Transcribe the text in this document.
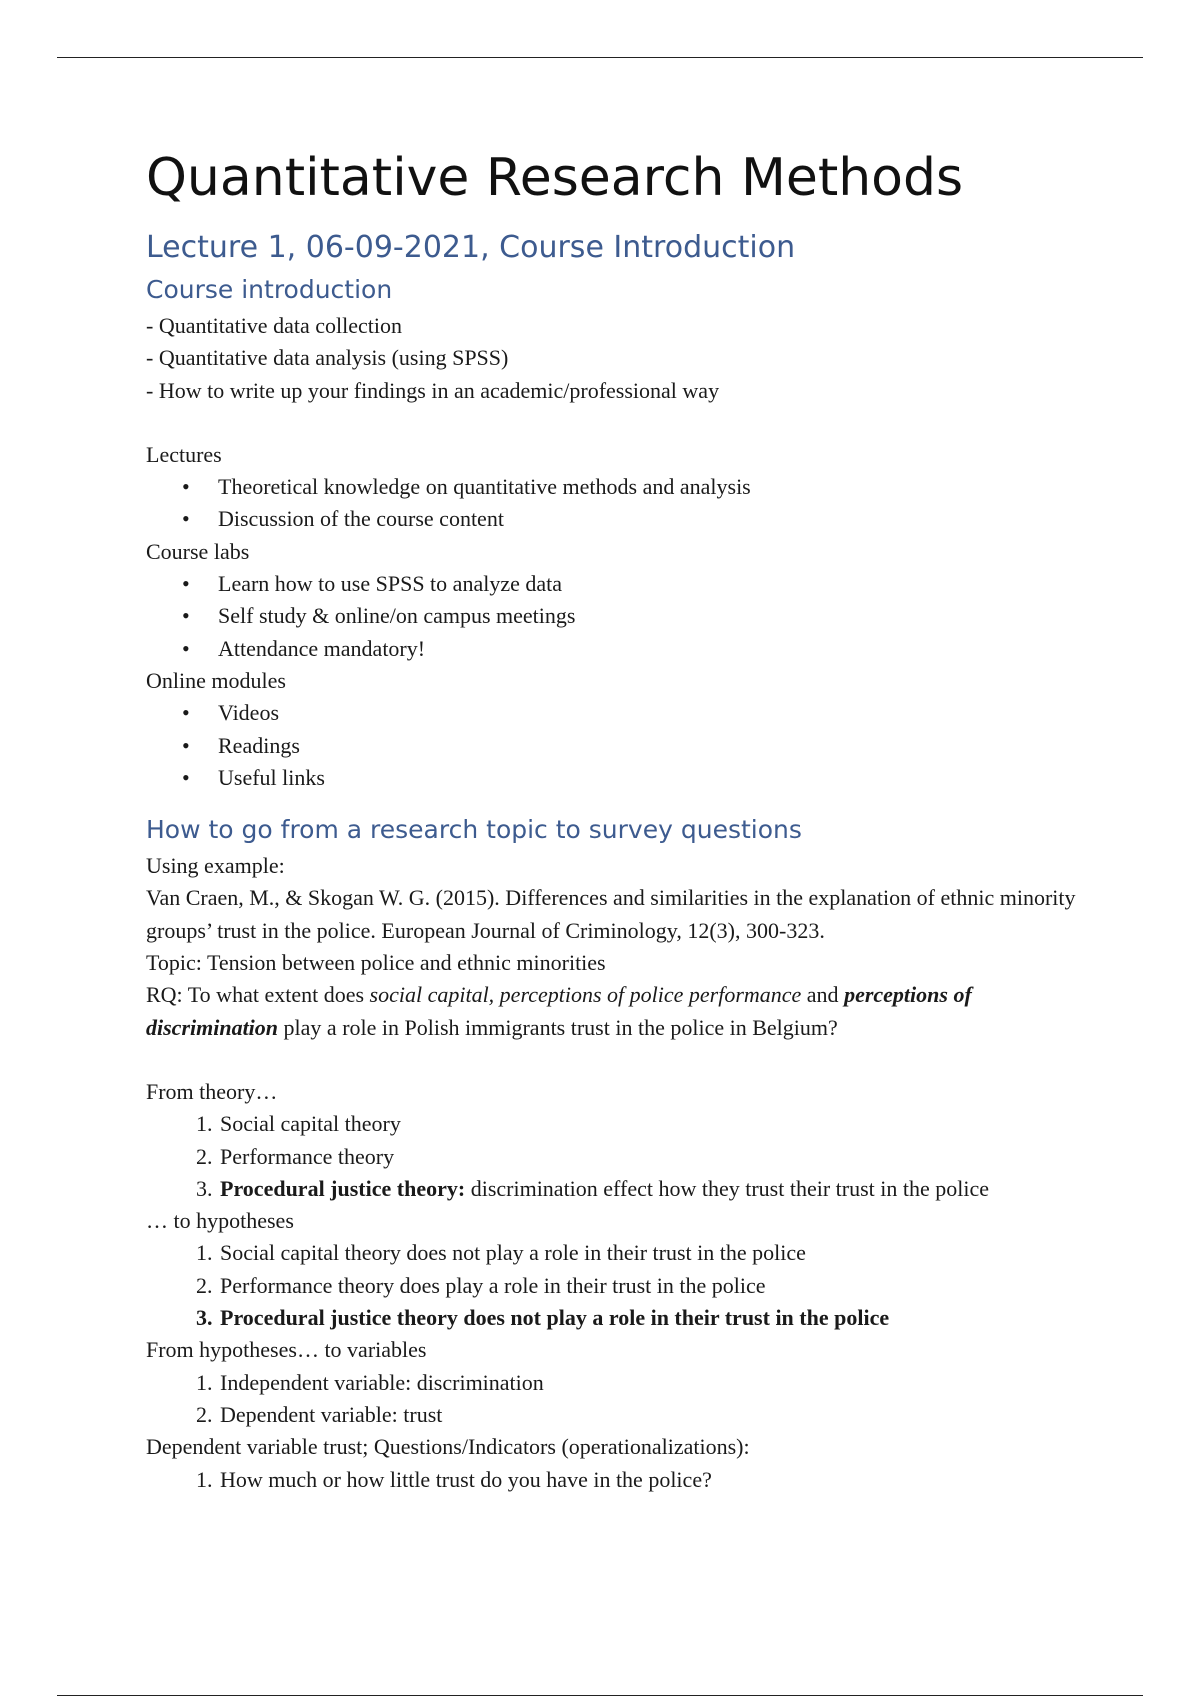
Quantitative Research Methods
Lecture 1, 06-09-2021, Course Introduction
Course introduction

- Quantitative data collection

- Quantitative data analysis (using SPSS)

- How to write up your findings in an academic/professional way

Lectures

• Theoretical knowledge on quantitative methods and analysis
• Discussion of the course content

Course labs

• Learn how to use SPSS to analyze data
• Self study & online/on campus meetings
• Attendance mandatory!

Online modules

• Videos
• Readings
• Useful links
How to go from a research topic to survey questions

Using example:

Van Craen, M., & Skogan W. G. (2015). Differences and similarities in the explanation of ethnic minority groups’ trust in the police. European Journal of Criminology, 12(3), 300-323.

Topic: Tension between police and ethnic minorities

RQ: To what extent does social capital, perceptions of police performance and perceptions of discrimination play a role in Polish immigrants trust in the police in Belgium?

From theory…

1. Social capital theory
2. Performance theory
3. Procedural justice theory: discrimination effect how they trust their trust in the police

… to hypotheses

1. Social capital theory does not play a role in their trust in the police
2. Performance theory does play a role in their trust in the police
3. Procedural justice theory does not play a role in their trust in the police

From hypotheses… to variables

1. Independent variable: discrimination
2. Dependent variable: trust

Dependent variable trust; Questions/Indicators (operationalizations):

1. How much or how little trust do you have in the police?
